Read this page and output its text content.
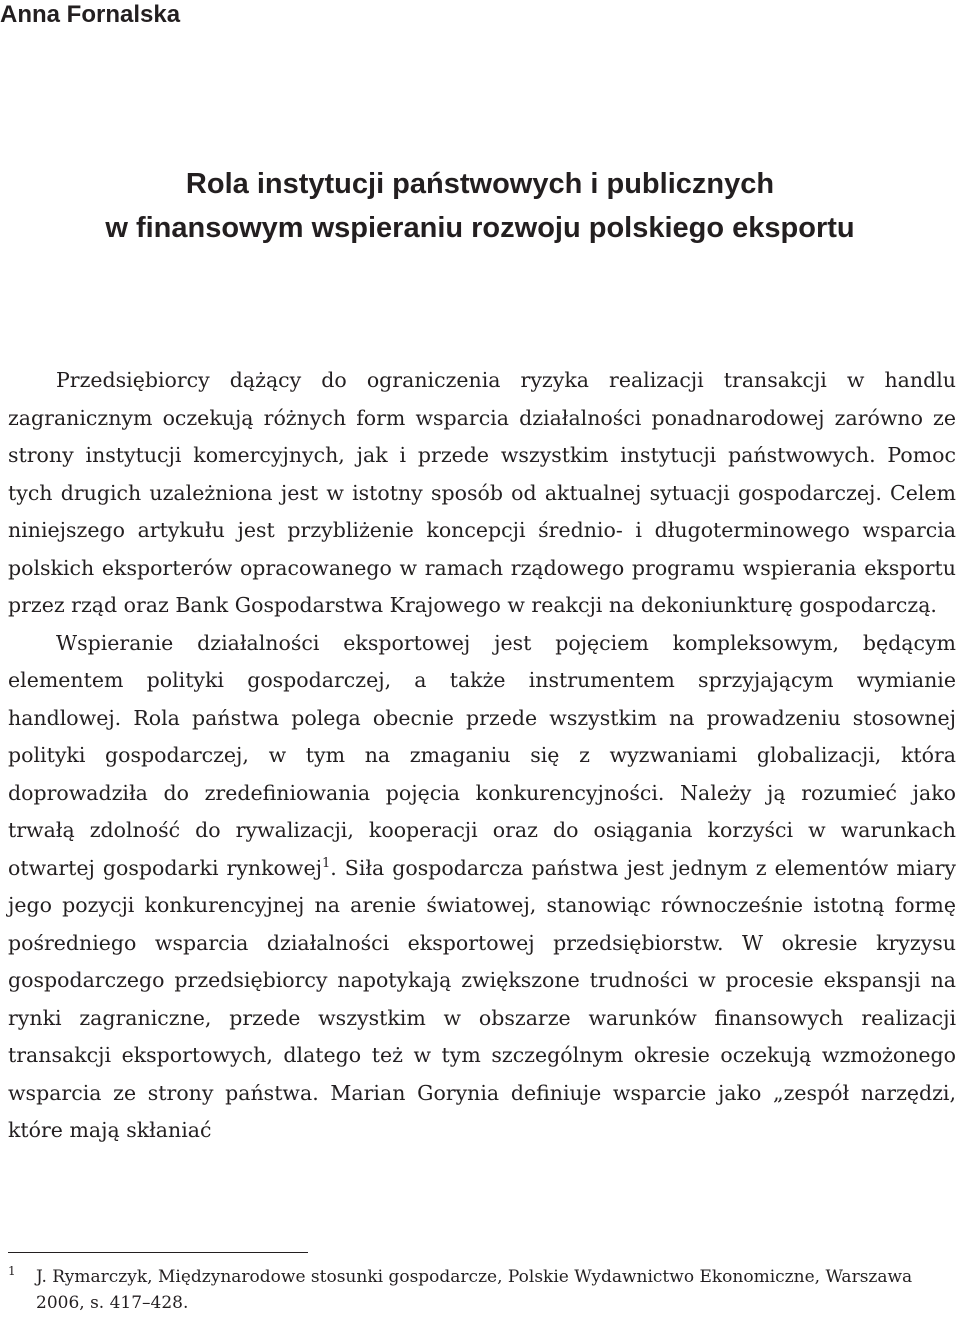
Anna Fornalska
Rola instytucji państwowych i publicznych
w finansowym wspieraniu rozwoju polskiego eksportu

Przedsiębiorcy dążący do ograniczenia ryzyka realizacji transakcji w handlu zagranicznym oczekują różnych form wsparcia działalności ponadnarodowej zarówno ze strony instytucji komercyjnych, jak i przede wszystkim instytucji państwowych. Pomoc tych drugich uzależniona jest w istotny sposób od aktualnej sytuacji gospodarczej. Celem niniejszego artykułu jest przybliżenie koncepcji średnio- i długoterminowego wsparcia polskich eksporterów opracowanego w ramach rządowego programu wspierania eksportu przez rząd oraz Bank Gospodarstwa Krajowego w reakcji na dekoniunkturę gospodarczą.

Wspieranie działalności eksportowej jest pojęciem kompleksowym, będącym elementem polityki gospodarczej, a także instrumentem sprzyjającym wymianie handlowej. Rola państwa polega obecnie przede wszystkim na prowadzeniu stosownej polityki gospodarczej, w tym na zmaganiu się z wyzwaniami globalizacji, która doprowadziła do zredefiniowania pojęcia konkurencyjności. Należy ją rozumieć jako trwałą zdolność do rywalizacji, kooperacji oraz do osiągania korzyści w warunkach otwartej gospodarki rynkowej$^1$. Siła gospodarcza państwa jest jednym z elementów miary jego pozycji konkurencyjnej na arenie światowej, stanowiąc równocześnie istotną formę pośredniego wsparcia działalności eksportowej przedsiębiorstw. W okresie kryzysu gospodarczego przedsiębiorcy napotykają zwiększone trudności w procesie ekspansji na rynki zagraniczne, przede wszystkim w obszarze warunków finansowych realizacji transakcji eksportowych, dlatego też w tym szczególnym okresie oczekują wzmożonego wsparcia ze strony państwa. Marian Gorynia definiuje wsparcie jako „zespół narzędzi, które mają skłaniać

1	J. Rymarczyk, Międzynarodowe stosunki gospodarcze, Polskie Wydawnictwo Ekonomiczne, Warszawa 2006, s. 417–428.
